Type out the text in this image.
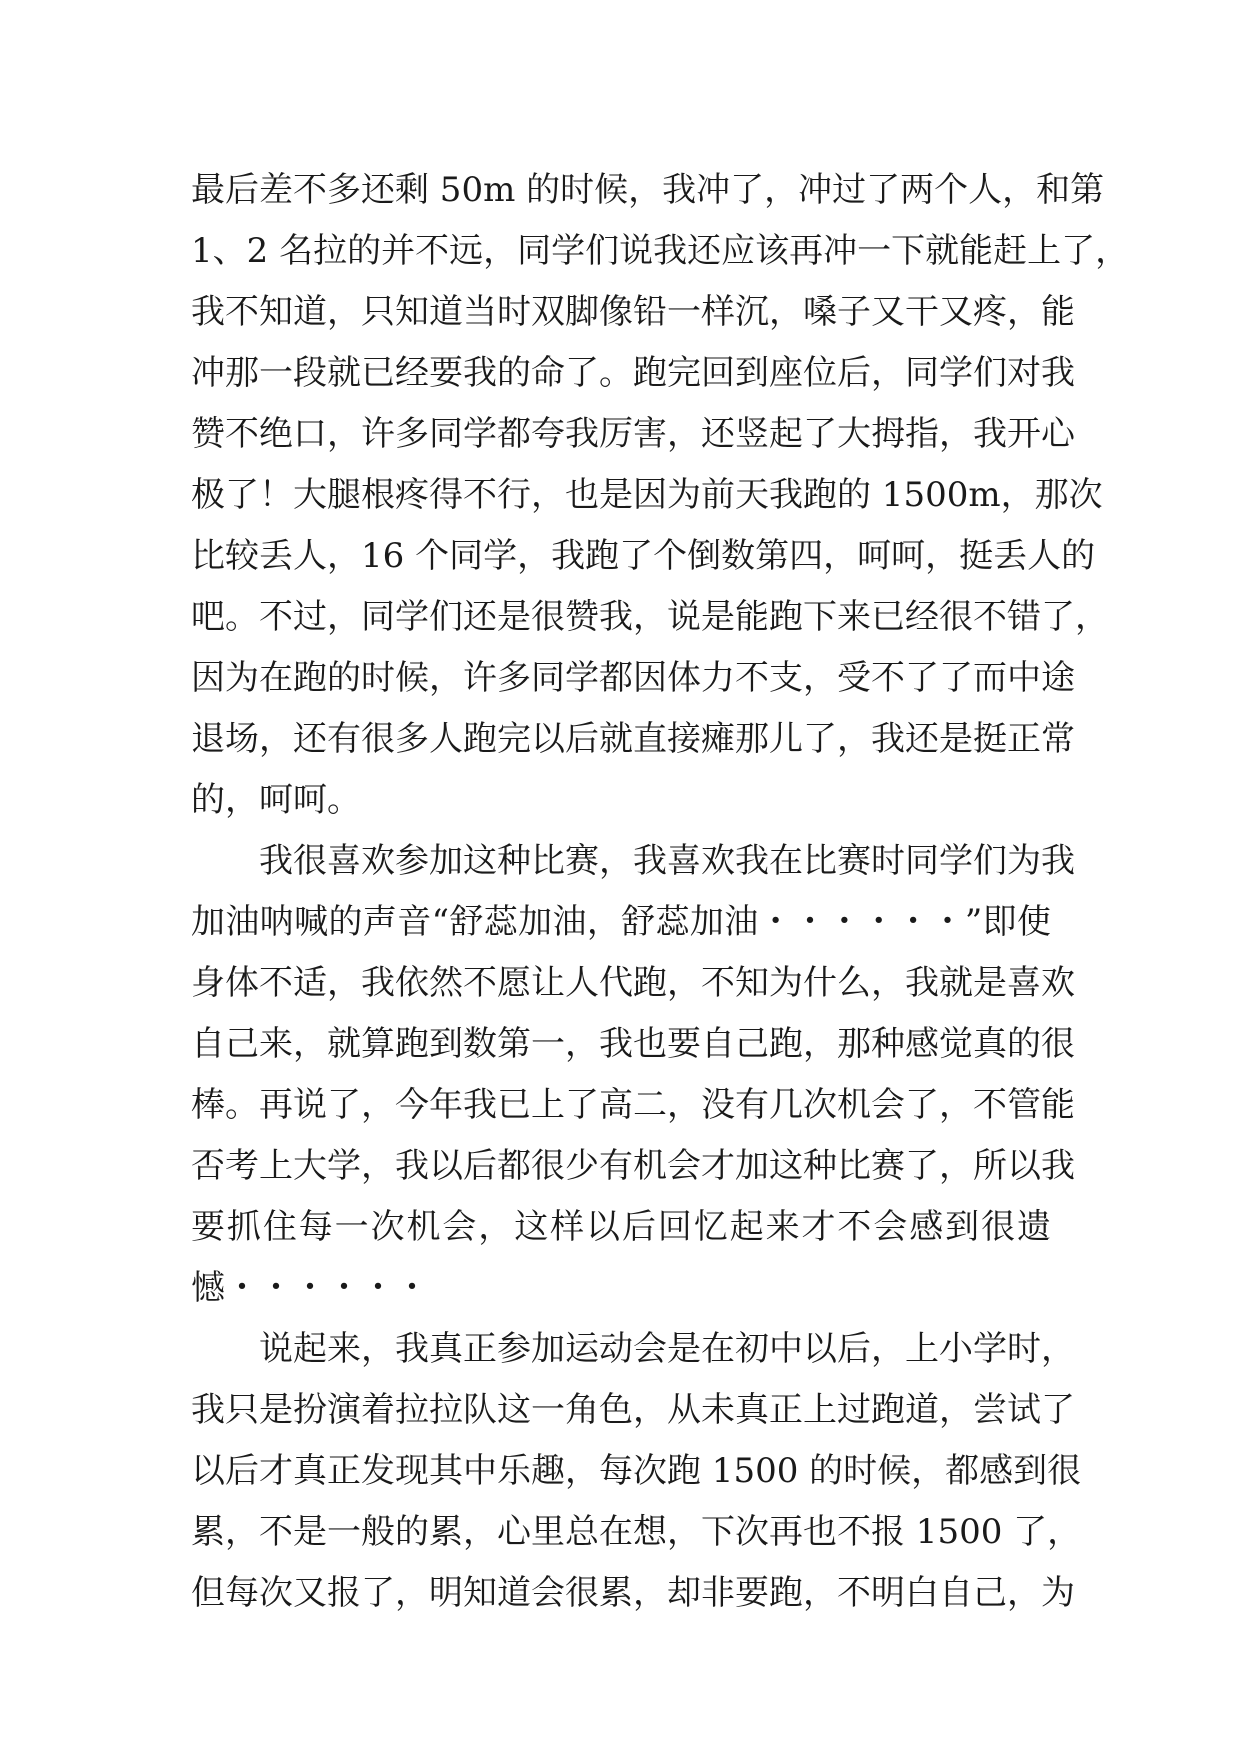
最后差不多还剩 50m 的时候，我冲了，冲过了两个人，和第
1、2 名拉的并不远，同学们说我还应该再冲一下就能赶上了，
我不知道，只知道当时双脚像铅一样沉，嗓子又干又疼，能
冲那一段就已经要我的命了。跑完回到座位后，同学们对我
赞不绝口，许多同学都夸我厉害，还竖起了大拇指，我开心
极了！大腿根疼得不行，也是因为前天我跑的 1500m，那次
比较丢人，16 个同学，我跑了个倒数第四，呵呵，挺丢人的
吧。不过，同学们还是很赞我，说是能跑下来已经很不错了，
因为在跑的时候，许多同学都因体力不支，受不了了而中途
退场，还有很多人跑完以后就直接瘫那儿了，我还是挺正常
的，呵呵。
我很喜欢参加这种比赛，我喜欢我在比赛时同学们为我
加油呐喊的声音“舒蕊加油，舒蕊加油・・・・・・”即使
身体不适，我依然不愿让人代跑，不知为什么，我就是喜欢
自己来，就算跑到数第一，我也要自己跑，那种感觉真的很
棒。再说了，今年我已上了高二，没有几次机会了，不管能
否考上大学，我以后都很少有机会才加这种比赛了，所以我
要抓住每一次机会，这样以后回忆起来才不会感到很遗
憾・・・・・・
说起来，我真正参加运动会是在初中以后，上小学时，
我只是扮演着拉拉队这一角色，从未真正上过跑道，尝试了
以后才真正发现其中乐趣，每次跑 1500 的时候，都感到很
累，不是一般的累，心里总在想，下次再也不报 1500 了，
但每次又报了，明知道会很累，却非要跑，不明白自己，为
